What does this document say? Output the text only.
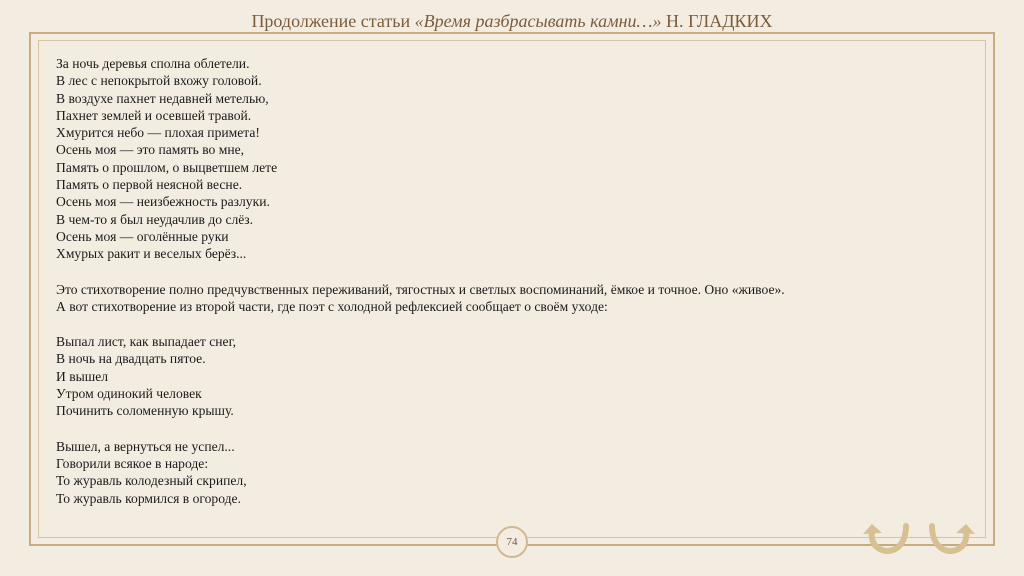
Продолжение статьи «Время разбрасывать камни…» Н. ГЛАДКИХ
За ночь деревья сполна облетели.
В лес с непокрытой вхожу головой.
В воздухе пахнет недавней метелью,
Пахнет землей и осевшей травой.
Хмурится небо — плохая примета!
Осень моя — это память во мне,
Память о прошлом, о выцветшем лете
Память о первой неясной весне.
Осень моя — неизбежность разлуки.
В чем-то я был неудачлив до слёз.
Осень моя — оголённые руки
Хмурых ракит и веселых берёз...
Это стихотворение полно предчувственных переживаний, тягостных и светлых воспоминаний, ёмкое и точное. Оно «живое».
А вот стихотворение из второй части, где поэт с холодной рефлексией сообщает о своём уходе:
Выпал лист, как выпадает снег,
В ночь на двадцать пятое.
И вышел
Утром одинокий человек
Починить соломенную крышу.
Вышел, а вернуться не успел...
Говорили всякое в народе:
То журавль колодезный скрипел,
То журавль кормился в огороде.
74
